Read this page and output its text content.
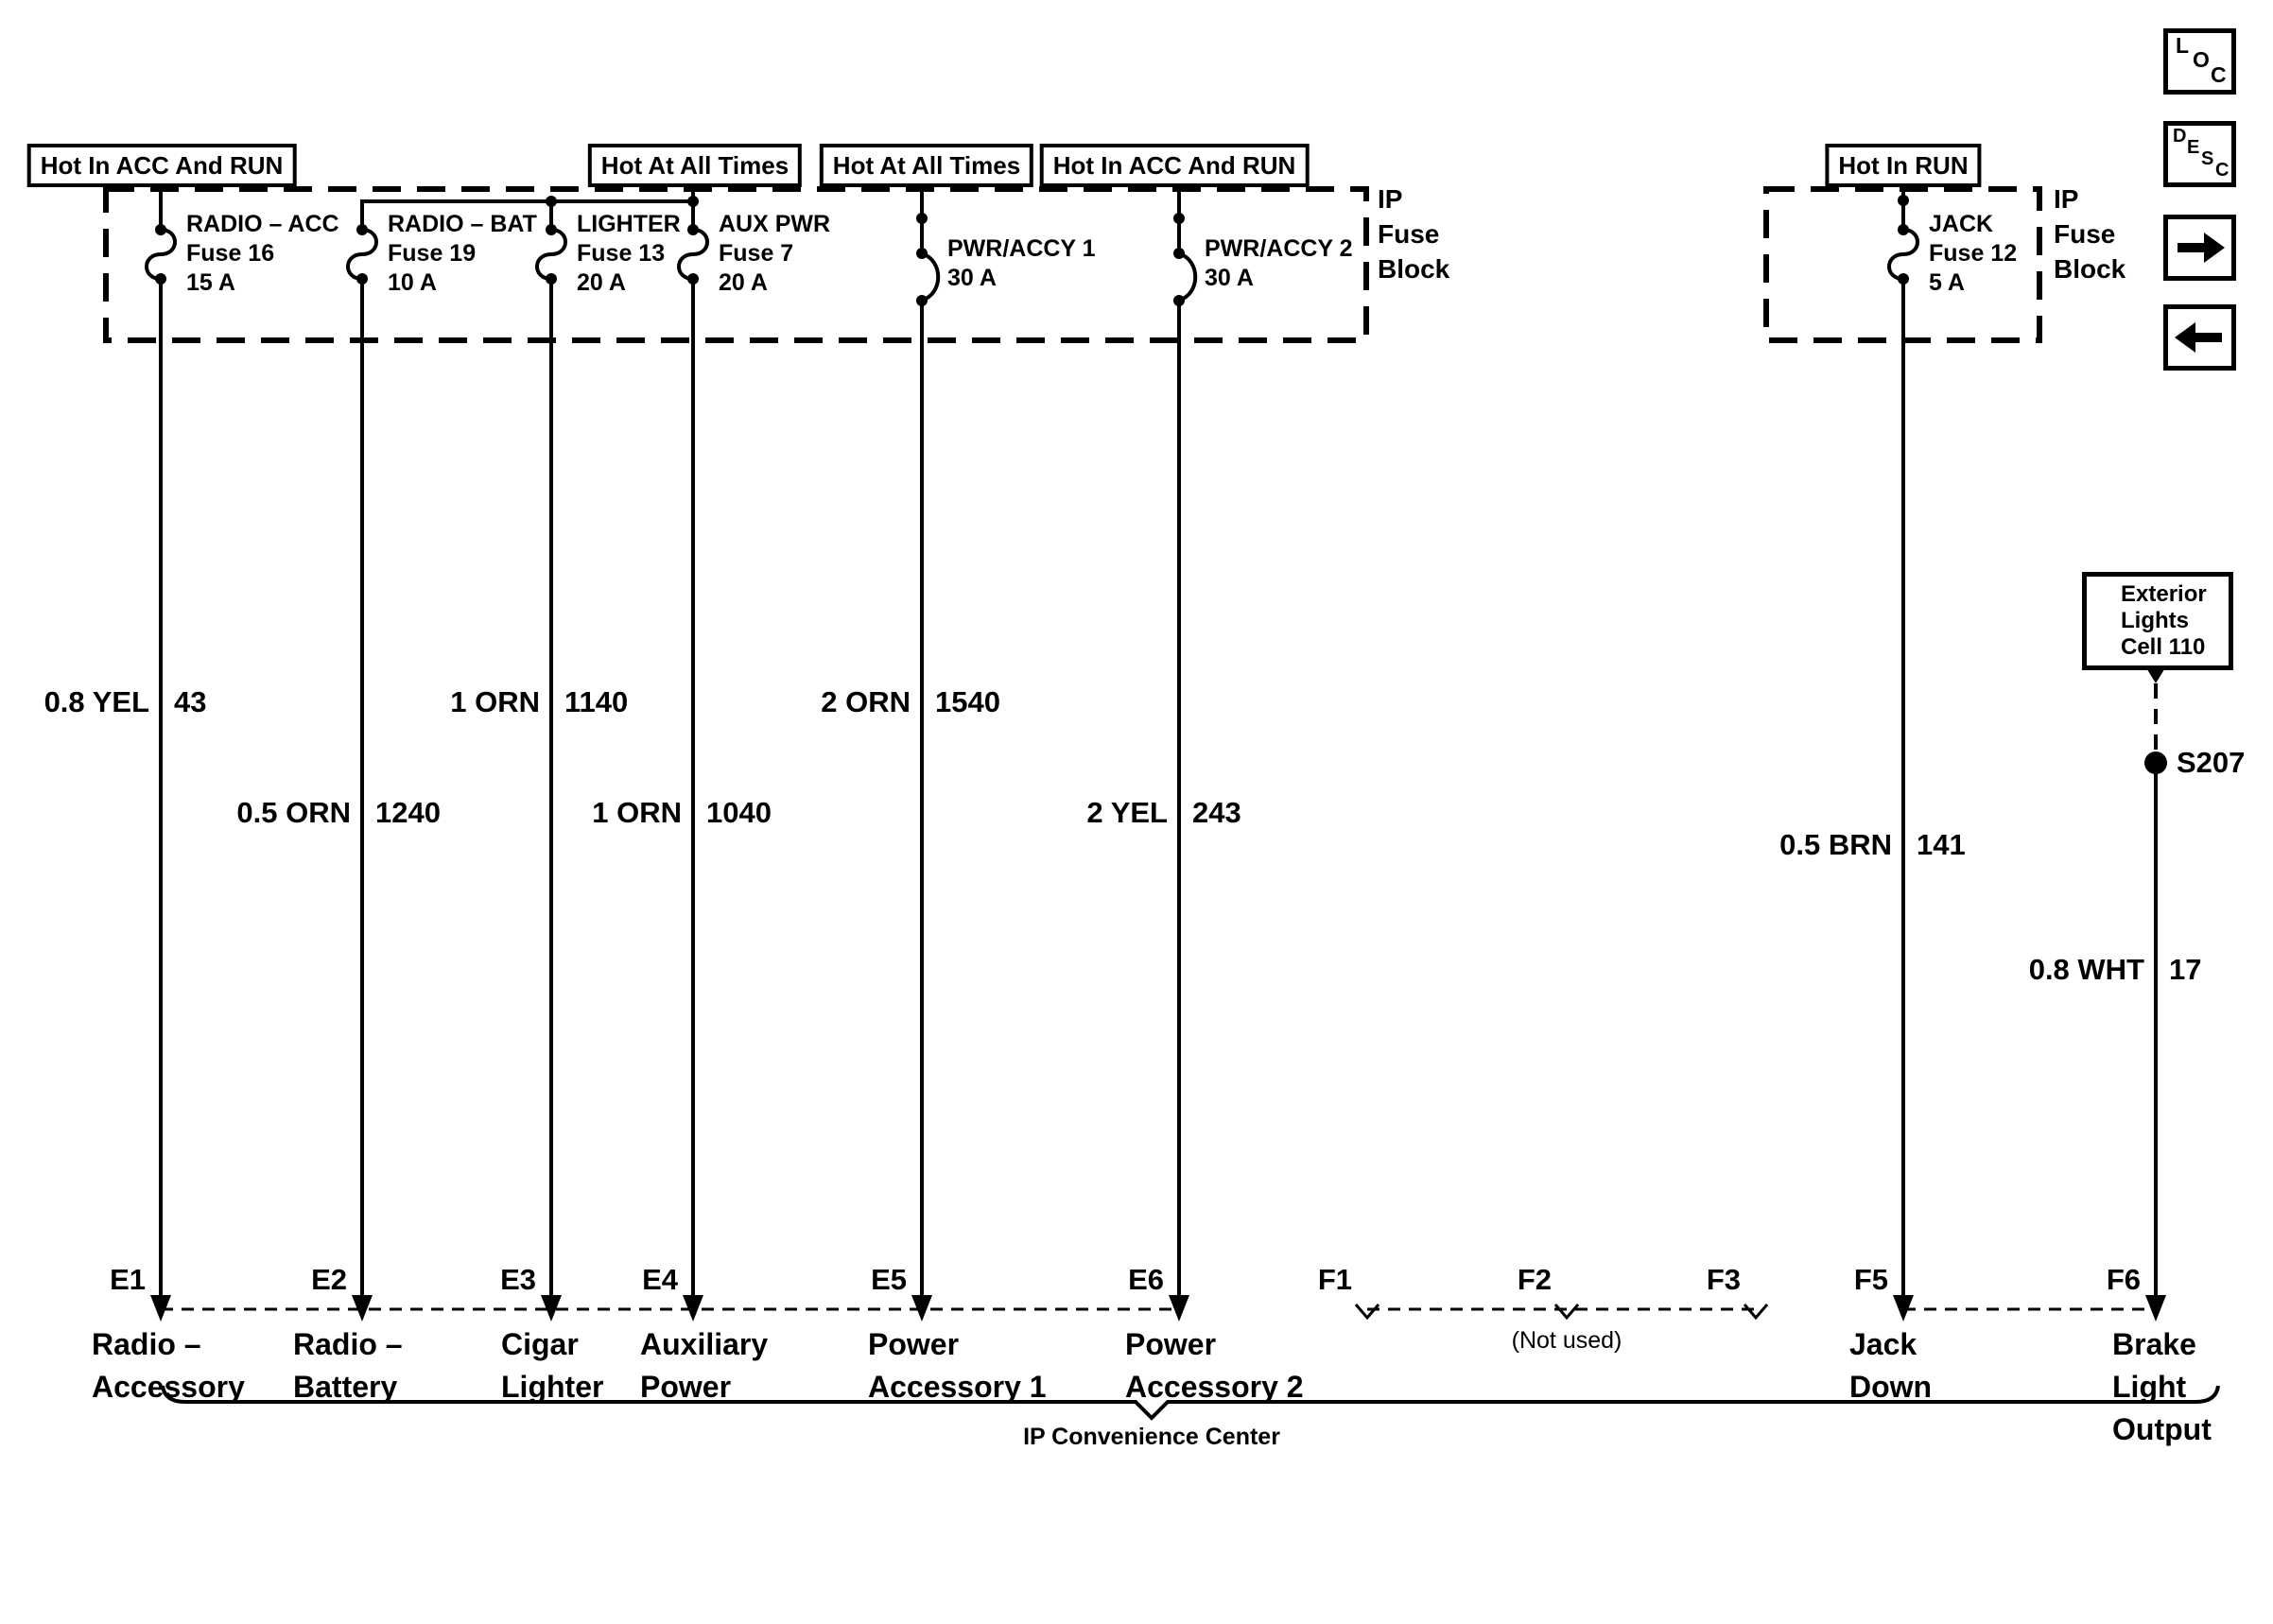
Hot In ACC And RUN	Hot At All Times	Hot At All Times	Hot In ACC And RUN	Hot In RUN
IP
Fuse
Block
IP
Fuse
Block
RADIO – ACC
Fuse 16
15 A
RADIO – BAT
Fuse 19
10 A
LIGHTER
Fuse 13
20 A
AUX PWR
Fuse 7
20 A
PWR/ACCY 1
30 A
PWR/ACCY 2
30 A
JACK
Fuse 12
5 A
0.8 YEL 43
0.5 ORN 1240
1 ORN 1140
1 ORN 1040
2 ORN 1540
2 YEL 243
0.5 BRN 141
0.8 WHT 17
Exterior
Lights
Cell 110
S207
E1	E2	E3	E4	E5	E6	F1	F2	F3	F5	F6
Radio –
Accessory
Radio –
Battery
Cigar
Lighter
Auxiliary
Power
Power
Accessory 1
Power
Accessory 2
(Not used)	Jack
Down
Brake
Light
Output
IP Convenience Center
L
O
C
D
E
S
C
